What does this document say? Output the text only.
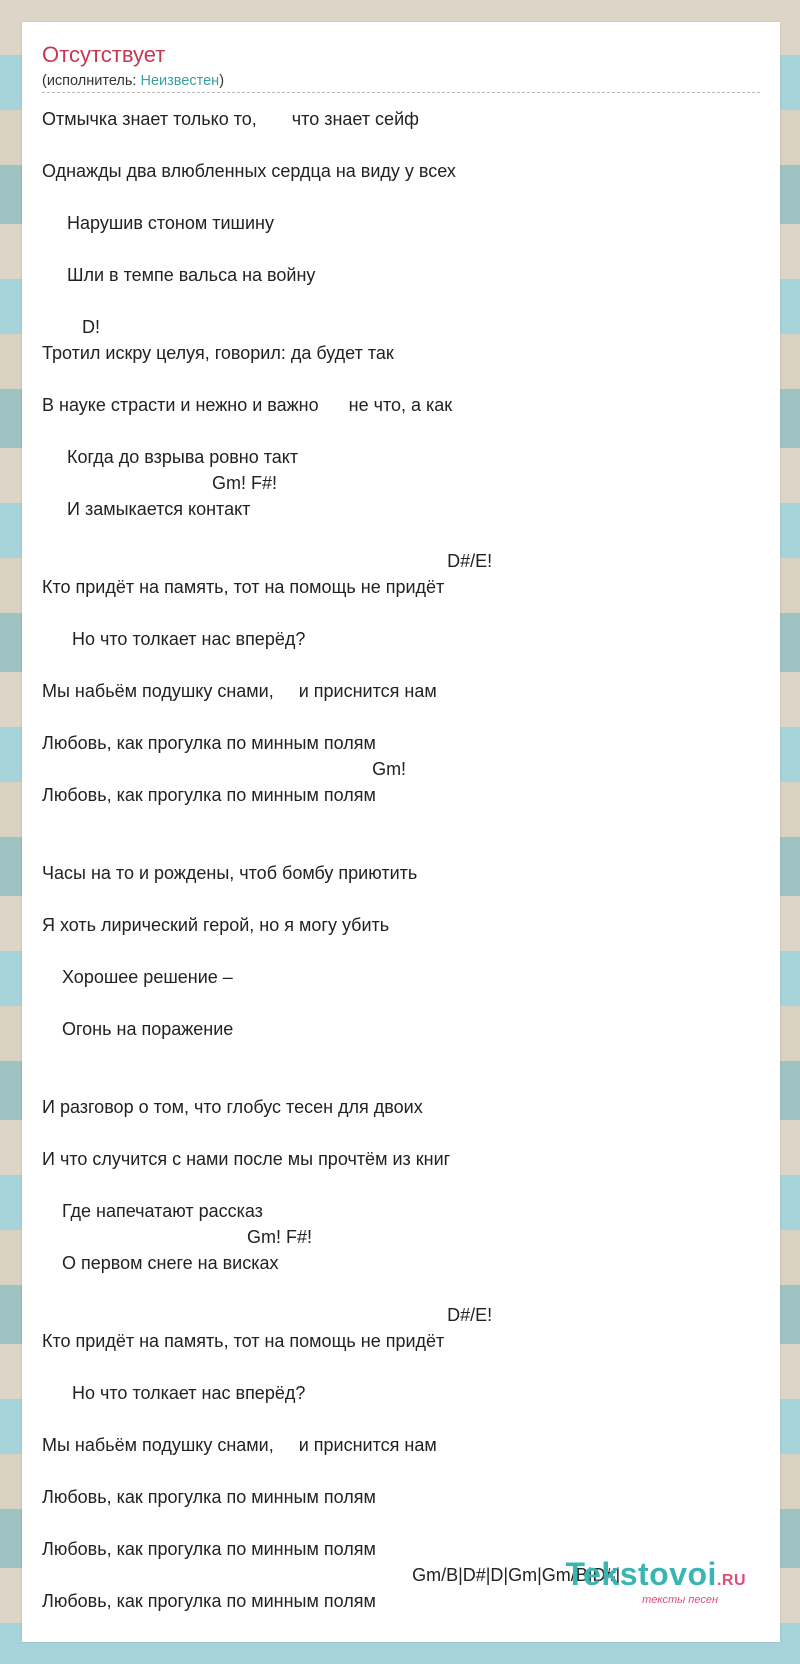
Отсутствует
(исполнитель: Неизвестен)
Отмычка знает только то,       что знает сейф
Однажды два влюбленных сердца на виду у всех
Нарушив стоном тишину
Шли в темпе вальса на войну
D!
Тротил искру целуя, говорил: да будет так
В науке страсти и нежно и важно      не что, а как
Когда до взрыва ровно такт
Gm! F#!
И замыкается контакт
D#/E!
Кто придёт на память, тот на помощь не придёт
Но что толкает нас вперёд?
Мы набьём подушку снами,     и приснится нам
Любовь, как прогулка по минным полям
Gm!
Любовь, как прогулка по минным полям
Часы на то и рождены, чтоб бомбу приютить
Я хоть лирический герой, но я могу убить
Хорошее решение –
Огонь на поражение
И разговор о том, что глобус тесен для двоих
И что случится с нами после мы прочтём из книг
Где напечатают рассказ
Gm! F#!
О первом снеге на висках
D#/E!
Кто придёт на память, тот на помощь не придёт
Но что толкает нас вперёд?
Мы набьём подушку снами,     и приснится нам
Любовь, как прогулка по минным полям
Любовь, как прогулка по минным полям
Gm/B|D#|D|Gm|Gm/B|D#|
Любовь, как прогулка по минным полям
Tekstovoi.RU
тексты песен
